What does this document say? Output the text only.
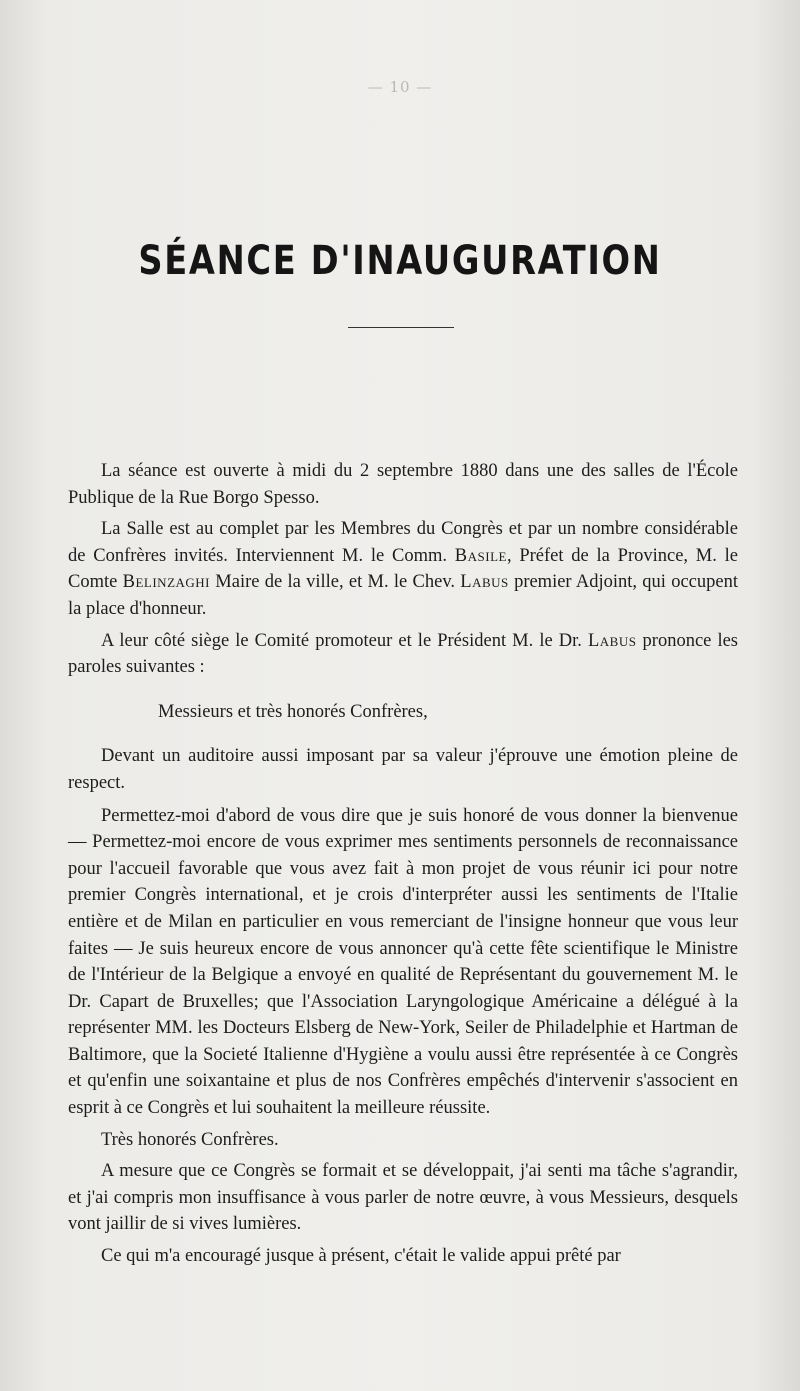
— 10 —
SÉANCE D'INAUGURATION

La séance est ouverte à midi du 2 septembre 1880 dans une des salles de l'École Publique de la Rue Borgo Spesso.

La Salle est au complet par les Membres du Congrès et par un nombre considérable de Confrères invités. Interviennent M. le Comm. Basile, Préfet de la Province, M. le Comte Belinzaghi Maire de la ville, et M. le Chev. Labus premier Adjoint, qui occupent la place d'honneur.

A leur côté siège le Comité promoteur et le Président M. le Dr. Labus prononce les paroles suivantes :

Messieurs et très honorés Confrères,

Devant un auditoire aussi imposant par sa valeur j'éprouve une émotion pleine de respect.

Permettez-moi d'abord de vous dire que je suis honoré de vous donner la bienvenue — Permettez-moi encore de vous exprimer mes sentiments personnels de reconnaissance pour l'accueil favorable que vous avez fait à mon projet de vous réunir ici pour notre premier Congrès international, et je crois d'interpréter aussi les sentiments de l'Italie entière et de Milan en particulier en vous remerciant de l'insigne honneur que vous leur faites — Je suis heureux encore de vous annoncer qu'à cette fête scientifique le Ministre de l'Intérieur de la Belgique a envoyé en qualité de Représentant du gouvernement M. le Dr. Capart de Bruxelles; que l'Association Laryngologique Américaine a délégué à la représenter MM. les Docteurs Elsberg de New-York, Seiler de Philadelphie et Hartman de Baltimore, que la Societé Italienne d'Hygiène a voulu aussi être représentée à ce Congrès et qu'enfin une soixantaine et plus de nos Confrères empêchés d'intervenir s'associent en esprit à ce Congrès et lui souhaitent la meilleure réussite.

Très honorés Confrères.

A mesure que ce Congrès se formait et se développait, j'ai senti ma tâche s'agrandir, et j'ai compris mon insuffisance à vous parler de notre œuvre, à vous Messieurs, desquels vont jaillir de si vives lumières.

Ce qui m'a encouragé jusque à présent, c'était le valide appui prêté par
